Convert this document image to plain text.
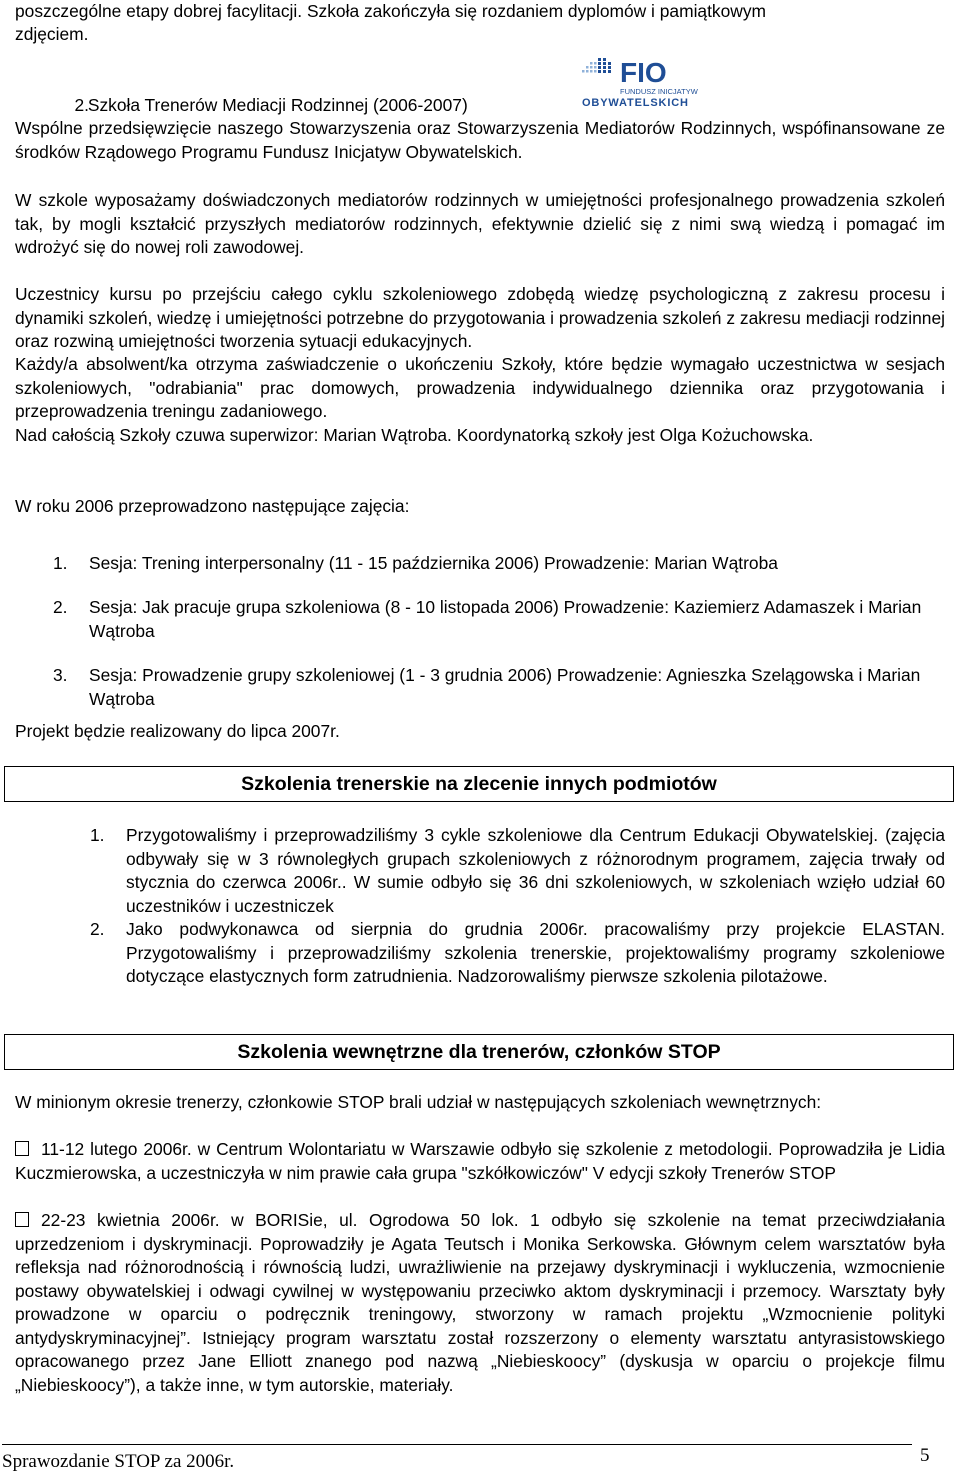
poszczególne etapy dobrej facylitacji. Szkoła zakończyła się rozdaniem dyplomów i pamiątkowym

zdjęciem.

FIO
FUNDUSZ INICJATYW
OBYWATELSKICH

2. Szkoła Trenerów Mediacji Rodzinnej (2006-2007)

Wspólne przedsięwzięcie naszego Stowarzyszenia oraz Stowarzyszenia Mediatorów Rodzinnych, wspófinansowane ze środków Rządowego Programu Fundusz Inicjatyw Obywatelskich.

W szkole wyposażamy doświadczonych mediatorów rodzinnych w umiejętności profesjonalnego prowadzenia szkoleń tak, by mogli kształcić przyszłych mediatorów rodzinnych, efektywnie dzielić się z nimi swą wiedzą i pomagać im wdrożyć się do nowej roli zawodowej.

Uczestnicy kursu po przejściu całego cyklu szkoleniowego zdobędą wiedzę psychologiczną z zakresu procesu i dynamiki szkoleń, wiedzę i umiejętności potrzebne do przygotowania i prowadzenia szkoleń z zakresu mediacji rodzinnej oraz rozwiną umiejętności tworzenia sytuacji edukacyjnych.

Każdy/a absolwent/ka otrzyma zaświadczenie o ukończeniu Szkoły, które będzie wymagało uczestnictwa w sesjach szkoleniowych, "odrabiania" prac domowych, prowadzenia indywidualnego dziennika oraz przygotowania i przeprowadzenia treningu zadaniowego.

Nad całością Szkoły czuwa superwizor: Marian Wątroba. Koordynatorką szkoły jest Olga Kożuchowska.

W roku 2006 przeprowadzono następujące zajęcia:

1.	Sesja: Trening interpersonalny (11 - 15 października 2006) Prowadzenie: Marian Wątroba
2.	Sesja: Jak pracuje grupa szkoleniowa (8 - 10 listopada 2006) Prowadzenie: Kaziemierz Adamaszek i Marian Wątroba
3.	Sesja: Prowadzenie grupy szkoleniowej (1 - 3 grudnia 2006) Prowadzenie: Agnieszka Szelągowska i Marian Wątroba

Projekt będzie realizowany do lipca 2007r.

Szkolenia trenerskie na zlecenie innych podmiotów
1.	Przygotowaliśmy i przeprowadziliśmy 3 cykle szkoleniowe dla Centrum Edukacji Obywatelskiej. (zajęcia odbywały się w 3 równoległych grupach szkoleniowych z różnorodnym programem, zajęcia trwały od stycznia do czerwca 2006r.. W sumie odbyło się 36 dni szkoleniowych, w szkoleniach wzięło udział 60 uczestników i uczestniczek
2.	Jako podwykonawca od sierpnia do grudnia 2006r. pracowaliśmy przy projekcie ELASTAN. Przygotowaliśmy i przeprowadziliśmy szkolenia trenerskie, projektowaliśmy programy szkoleniowe dotyczące elastycznych form zatrudnienia. Nadzorowaliśmy pierwsze szkolenia pilotażowe.
Szkolenia wewnętrzne dla trenerów, członków STOP

W minionym okresie trenerzy, członkowie STOP brali udział w następujących szkoleniach wewnętrznych:

11-12 lutego 2006r. w Centrum Wolontariatu w Warszawie odbyło się szkolenie z metodologii. Poprowadziła je Lidia Kuczmierowska, a uczestniczyła w nim prawie cała grupa "szkółkowiczów" V edycji szkoły Trenerów STOP

22-23 kwietnia 2006r. w BORISie, ul. Ogrodowa 50 lok. 1 odbyło się szkolenie na temat przeciwdziałania uprzedzeniom i dyskryminacji. Poprowadziły je Agata Teutsch i Monika Serkowska. Głównym celem warsztatów była refleksja nad różnorodnością i równością ludzi, uwrażliwienie na przejawy dyskryminacji i wykluczenia, wzmocnienie postawy obywatelskiej i odwagi cywilnej w występowaniu przeciwko aktom dyskryminacji i przemocy. Warsztaty były prowadzone w oparciu o podręcznik treningowy, stworzony w ramach projektu „Wzmocnienie polityki antydyskryminacyjnej”. Istniejący program warsztatu został rozszerzony o elementy warsztatu antyrasistowskiego opracowanego przez Jane Elliott znanego pod nazwą „Niebieskoocy” (dyskusja w oparciu o projekcje filmu „Niebieskoocy”), a także inne, w tym autorskie, materiały.

Sprawozdanie STOP za 2006r.	5
